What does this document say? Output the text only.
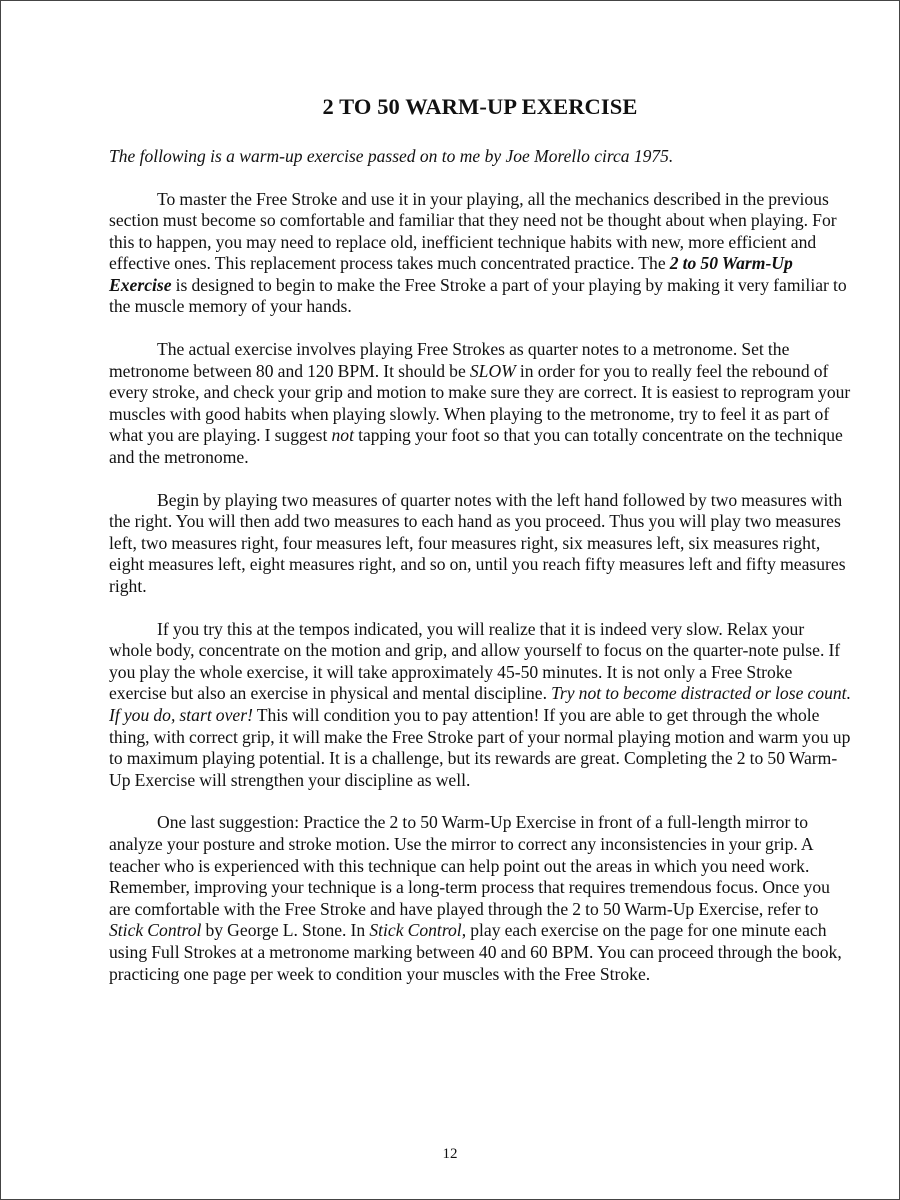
2 TO 50 WARM-UP EXERCISE

The following is a warm-up exercise passed on to me by Joe Morello circa 1975.

To master the Free Stroke and use it in your playing, all the mechanics described in the previous section must become so comfortable and familiar that they need not be thought about when playing. For this to happen, you may need to replace old, inefficient technique habits with new, more efficient and effective ones. This replacement process takes much concentrated practice. The 2 to 50 Warm-Up Exercise is designed to begin to make the Free Stroke a part of your playing by making it very familiar to the muscle memory of your hands.

The actual exercise involves playing Free Strokes as quarter notes to a metronome. Set the metronome between 80 and 120 BPM. It should be SLOW in order for you to really feel the rebound of every stroke, and check your grip and motion to make sure they are correct. It is easiest to reprogram your muscles with good habits when playing slowly. When playing to the metronome, try to feel it as part of what you are playing. I suggest not tapping your foot so that you can totally concentrate on the technique and the metronome.

Begin by playing two measures of quarter notes with the left hand followed by two measures with the right. You will then add two measures to each hand as you proceed. Thus you will play two measures left, two measures right, four measures left, four measures right, six measures left, six measures right, eight measures left, eight measures right, and so on, until you reach fifty measures left and fifty measures right.

If you try this at the tempos indicated, you will realize that it is indeed very slow. Relax your whole body, concentrate on the motion and grip, and allow yourself to focus on the quarter-note pulse. If you play the whole exercise, it will take approximately 45-50 minutes. It is not only a Free Stroke exercise but also an exercise in physical and mental discipline. Try not to become distracted or lose count. If you do, start over! This will condition you to pay attention! If you are able to get through the whole thing, with correct grip, it will make the Free Stroke part of your normal playing motion and warm you up to maximum playing potential. It is a challenge, but its rewards are great. Completing the 2 to 50 Warm-Up Exercise will strengthen your discipline as well.

One last suggestion: Practice the 2 to 50 Warm-Up Exercise in front of a full-length mirror to analyze your posture and stroke motion. Use the mirror to correct any inconsistencies in your grip. A teacher who is experienced with this technique can help point out the areas in which you need work. Remember, improving your technique is a long-term process that requires tremendous focus. Once you are comfortable with the Free Stroke and have played through the 2 to 50 Warm-Up Exercise, refer to Stick Control by George L. Stone. In Stick Control, play each exercise on the page for one minute each using Full Strokes at a metronome marking between 40 and 60 BPM. You can proceed through the book, practicing one page per week to condition your muscles with the Free Stroke.

12
